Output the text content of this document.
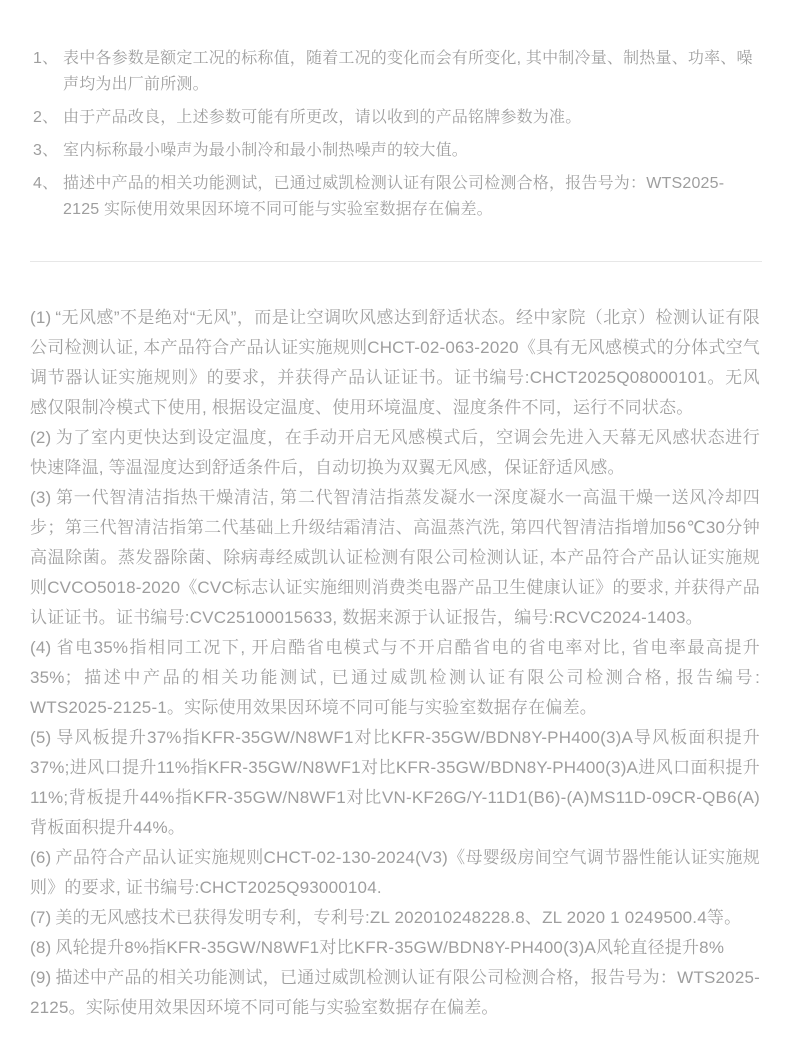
1、 表中各参数是额定工况的标称值，随着工况的变化而会有所变化, 其中制冷量、制热量、功率、噪声均为出厂前所测。
2、 由于产品改良，上述参数可能有所更改，请以收到的产品铭牌参数为准。
3、 室内标称最小噪声为最小制冷和最小制热噪声的较大值。
4、 描述中产品的相关功能测试，已通过威凯检测认证有限公司检测合格，报告号为：WTS2025-2125 实际使用效果因环境不同可能与实验室数据存在偏差。

(1) “无风感”不是绝对“无风”，而是让空调吹风感达到舒适状态。经中家院（北京）检测认证有限公司检测认证, 本产品符合产品认证实施规则CHCT-02-063-2020《具有无风感模式的分体式空气调节器认证实施规则》的要求，并获得产品认证证书。证书编号:CHCT2025Q08000101。无风感仅限制冷模式下使用, 根据设定温度、使用环境温度、湿度条件不同，运行不同状态。

(2) 为了室内更快达到设定温度，在手动开启无风感模式后，空调会先进入天幕无风感状态进行快速降温, 等温湿度达到舒适条件后，自动切换为双翼无风感，保证舒适风感。

(3) 第一代智清洁指热干燥清洁, 第二代智清洁指蒸发凝水一深度凝水一高温干燥一送风冷却四步；第三代智清洁指第二代基础上升级结霜清洁、高温蒸汽洗, 第四代智清洁指增加56℃30分钟高温除菌。蒸发器除菌、除病毒经威凯认证检测有限公司检测认证, 本产品符合产品认证实施规则CVCO5018-2020《CVC标志认证实施细则消费类电器产品卫生健康认证》的要求, 并获得产品认证证书。证书编号:CVC25100015633, 数据来源于认证报告，编号:RCVC2024-1403。

(4) 省电35%指相同工况下, 开启酷省电模式与不开启酷省电的省电率对比, 省电率最高提升35%；描述中产品的相关功能测试, 已通过威凯检测认证有限公司检测合格, 报告编号: WTS2025-2125-1。实际使用效果因环境不同可能与实验室数据存在偏差。

(5) 导风板提升37%指KFR-35GW/N8WF1对比KFR-35GW/BDN8Y-PH400(3)A导风板面积提升37%;进风口提升11%指KFR-35GW/N8WF1对比KFR-35GW/BDN8Y-PH400(3)A进风口面积提升11%;背板提升44%指KFR-35GW/N8WF1对比VN-KF26G/Y-11D1(B6)-(A)MS11D-09CR-QB6(A)背板面积提升44%。

(6) 产品符合产品认证实施规则CHCT-02-130-2024(V3)《母婴级房间空气调节器性能认证实施规则》的要求, 证书编号:CHCT2025Q93000104.

(7) 美的无风感技术已获得发明专利，专利号:ZL 202010248228.8、ZL 2020 1 0249500.4等。

(8) 风轮提升8%指KFR-35GW/N8WF1对比KFR-35GW/BDN8Y-PH400(3)A风轮直径提升8%

(9) 描述中产品的相关功能测试，已通过威凯检测认证有限公司检测合格，报告号为：WTS2025-2125。实际使用效果因环境不同可能与实验室数据存在偏差。
